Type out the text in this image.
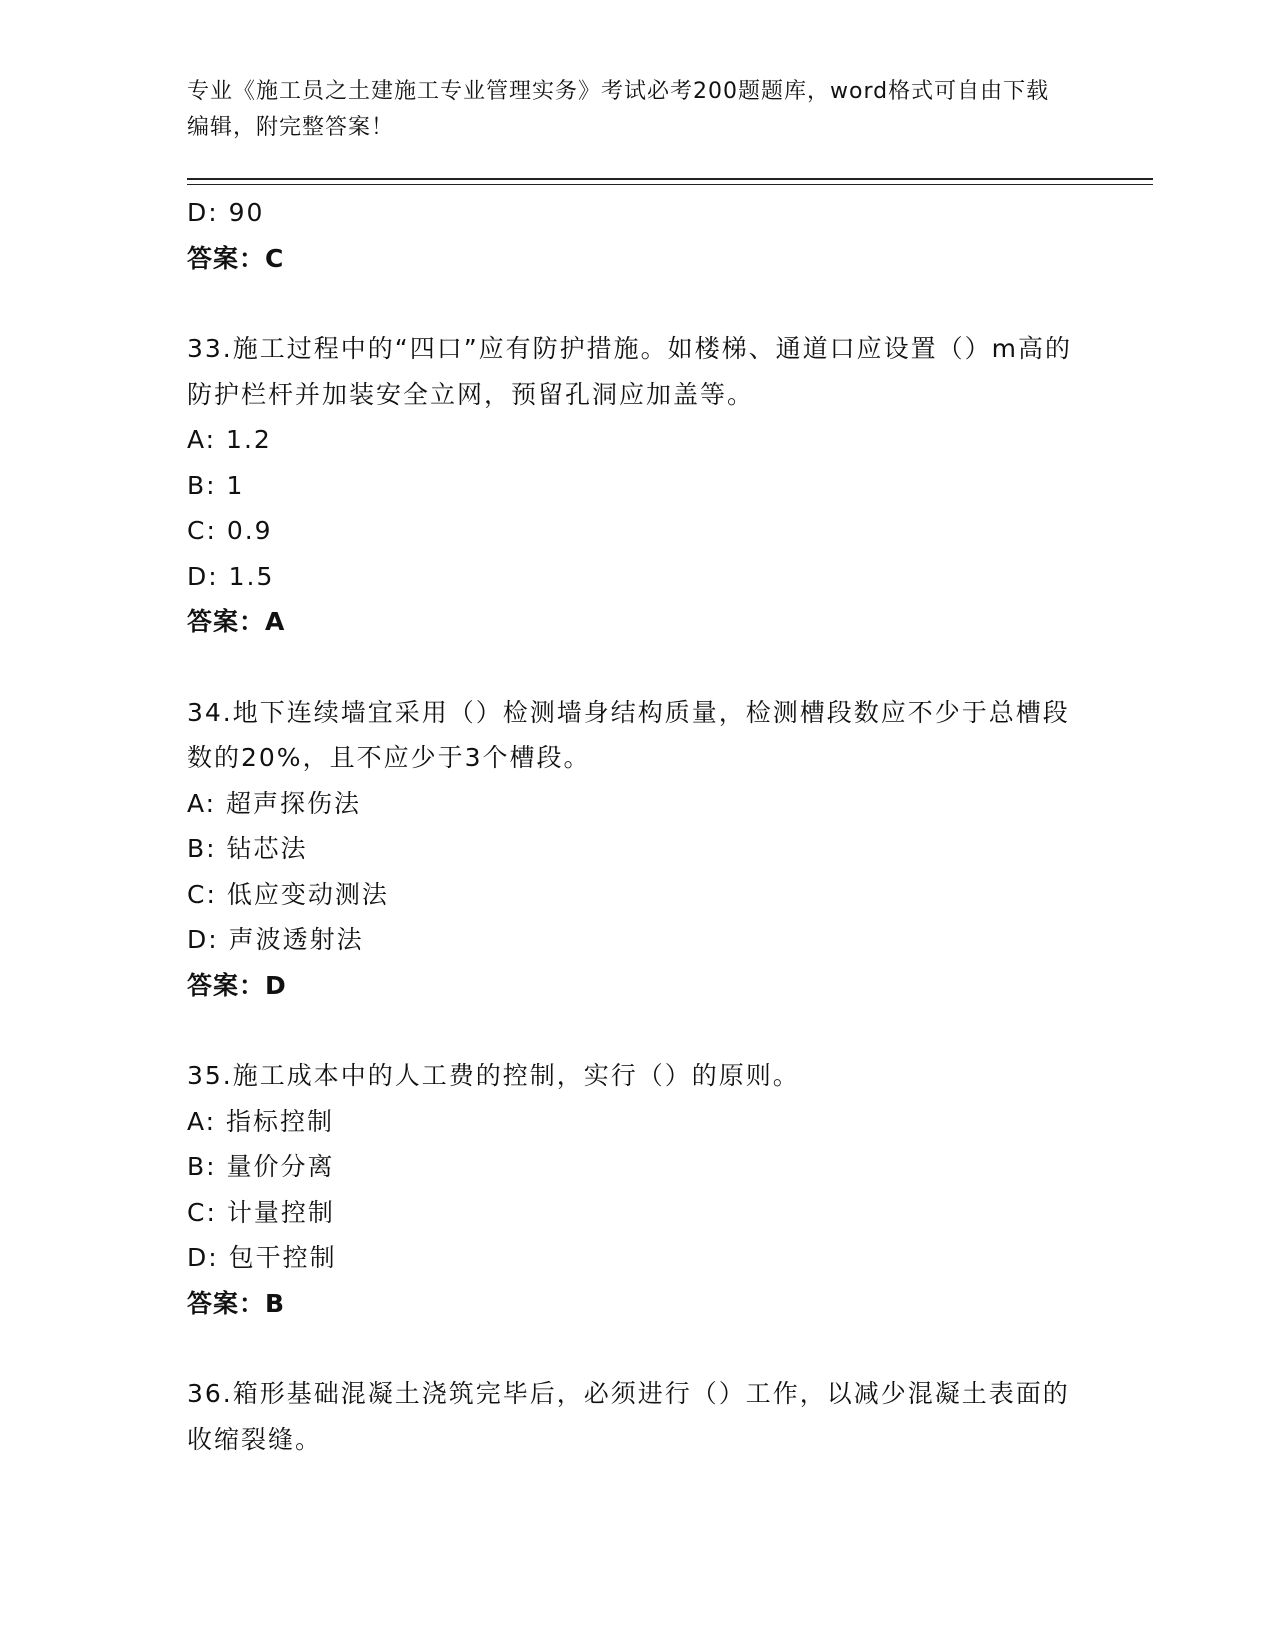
专业《施工员之土建施工专业管理实务》考试必考200题题库，word格式可自由下载编辑，附完整答案！
D: 90
答案：C
33.施工过程中的“四口”应有防护措施。如楼梯、通道口应设置（）m高的防护栏杆并加装安全立网，预留孔洞应加盖等。
A: 1.2
B: 1
C: 0.9
D: 1.5
答案：A
34.地下连续墙宜采用（）检测墙身结构质量，检测槽段数应不少于总槽段数的20%，且不应少于3个槽段。
A: 超声探伤法
B: 钻芯法
C: 低应变动测法
D: 声波透射法
答案：D
35.施工成本中的人工费的控制，实行（）的原则。
A: 指标控制
B: 量价分离
C: 计量控制
D: 包干控制
答案：B
36.箱形基础混凝土浇筑完毕后，必须进行（）工作，以减少混凝土表面的收缩裂缝。
